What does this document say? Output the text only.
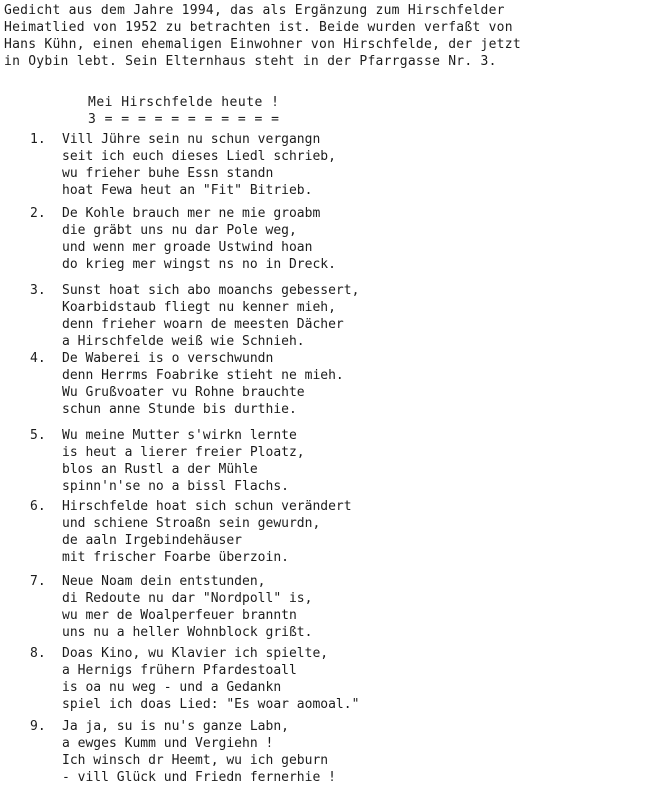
Gedicht aus dem Jahre 1994, das als Ergänzung zum Hirschfelder
Heimatlied von 1952 zu betrachten ist. Beide wurden verfaßt von
Hans Kühn, einen ehemaligen Einwohner von Hirschfelde, der jetzt
in Oybin lebt. Sein Elternhaus steht in der Pfarrgasse Nr. 3.
Mei Hirschfelde heute !
3 = = = = = = = = = = =
1.	Vill Jühre sein nu schun vergangn
seit ich euch dieses Liedl schrieb,
wu frieher buhe Essn standn
hoat Fewa heut an "Fit" Bitrieb.
2.	De Kohle brauch mer ne mie groabm
die gräbt uns nu dar Pole weg,
und wenn mer groade Ustwind hoan
do krieg mer wingst ns no in Dreck.
3.	Sunst hoat sich abo moanchs gebessert,
Koarbidstaub fliegt nu kenner mieh,
denn frieher woarn de meesten Dächer
a Hirschfelde weiß wie Schnieh.
4.	De Waberei is o verschwundn
denn Herrms Foabrike stieht ne mieh.
Wu Grußvoater vu Rohne brauchte
schun anne Stunde bis durthie.
5.	Wu meine Mutter s'wirkn lernte
is heut a lierer freier Ploatz,
blos an Rustl a der Mühle
spinn'n'se no a bissl Flachs.
6.	Hirschfelde hoat sich schun verändert
und schiene Stroaßn sein gewurdn,
de aaln Irgebindehäuser
mit frischer Foarbe überzoin.
7.	Neue Noam dein entstunden,
di Redoute nu dar "Nordpoll" is,
wu mer de Woalperfeuer branntn
uns nu a heller Wohnblock grißt.
8.	Doas Kino, wu Klavier ich spielte,
a Hernigs frühern Pfardestoall
is oa nu weg - und a Gedankn
spiel ich doas Lied: "Es woar aomoal."
9.	Ja ja, su is nu's ganze Labn,
a ewges Kumm und Vergiehn !
Ich winsch dr Heemt, wu ich geburn
- vill Glück und Friedn fernerhie !
